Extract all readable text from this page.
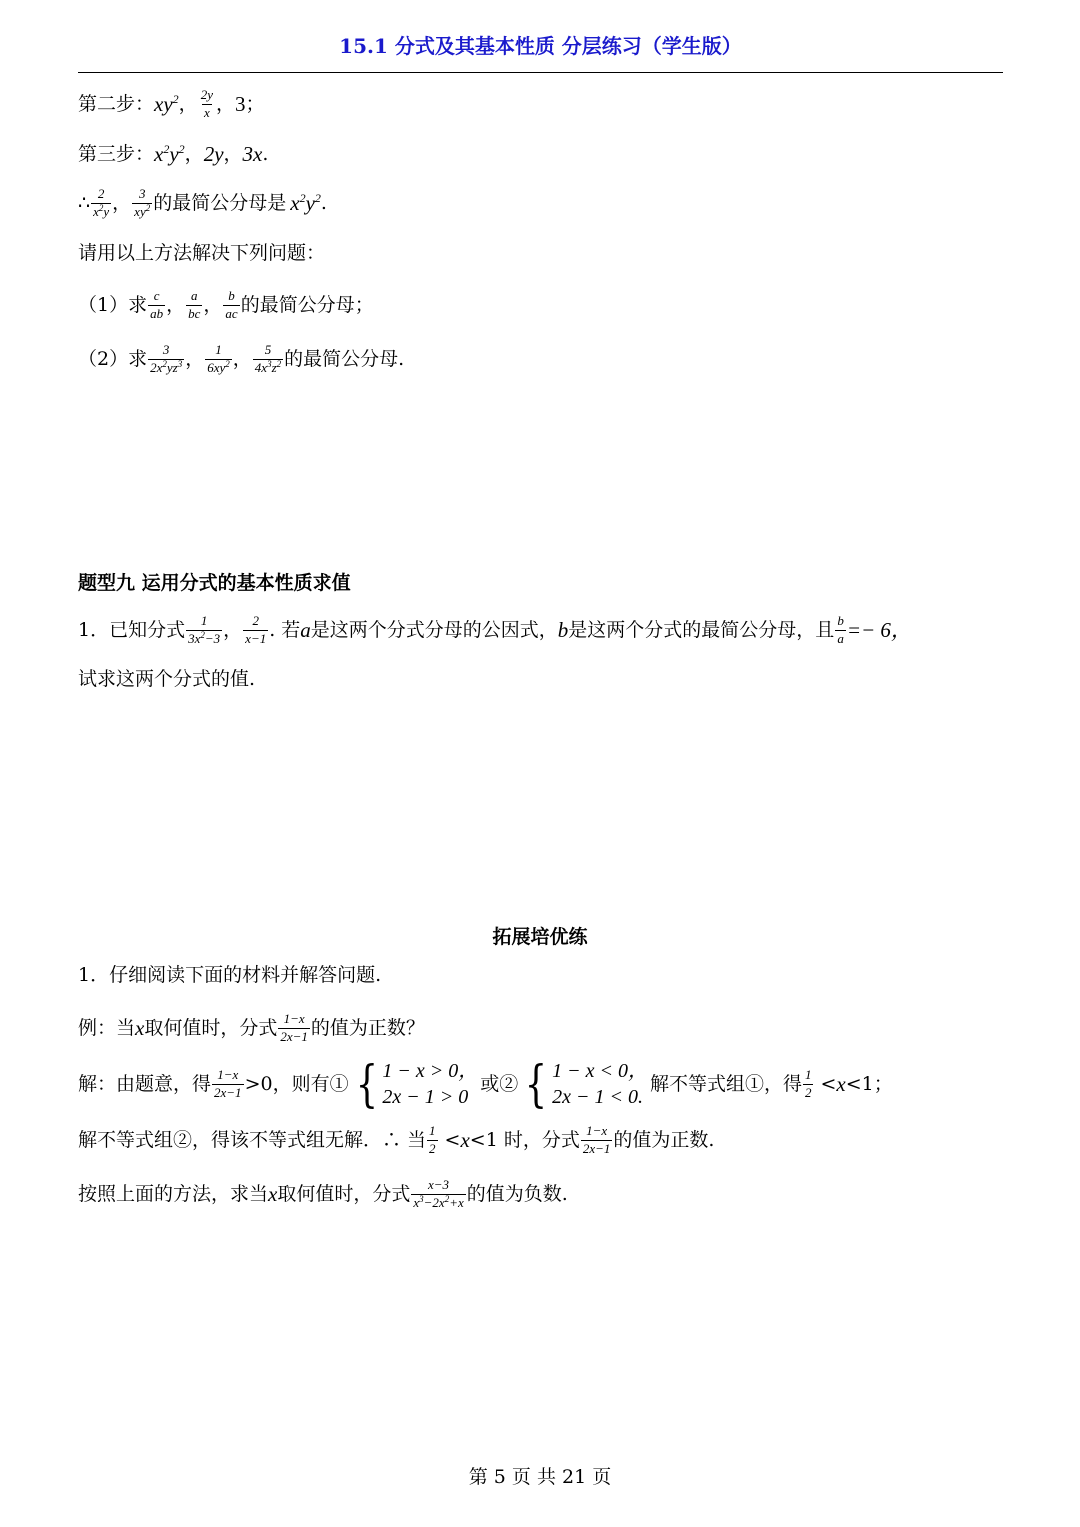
15.1 分式及其基本性质 分层练习（学生版）
第二步： $xy^2$ ， $\frac{2y}{x}$ ， 3 ；
第三步： $x^2y^2$ ， 2y ， 3x .
∴ $\frac{2}{x^2y}$ ， $\frac{3}{xy^2}$ 的最简公分母是 $x^2y^2$ .
请用以上方法解决下列问题：
（1）求 $\frac{c}{ab}$ ， $\frac{a}{bc}$ ， $\frac{b}{ac}$ 的最简公分母；
（2）求 $\frac{3}{2x^2yz^3}$ ， $\frac{1}{6xy^2}$ ， $\frac{5}{4x^3z^2}$ 的最简公分母.
题型九 运用分式的基本性质求值
1．已知分式 $\frac{1}{3x^2-3}$ ， $\frac{2}{x-1}$ . 若 a 是这两个分式分母的公因式， b 是这两个分式的最简公分母，且 $\frac{b}{a} =- 6$，
试求这两个分式的值.
拓展培优练
1．仔细阅读下面的材料并解答问题.
例：当 x 取何值时，分式 $\frac{1-x}{2x-1}$ 的值为正数？
解：由题意，得 $\frac{1-x}{2x-1} >0$，则有① { 1 − x > 0，
2x − 1 > 0
或② { 1 − x < 0，
2x − 1 < 0.
解不等式组①，得 $\frac{1}{2} < x <1$；
解不等式组②，得该不等式组无解．∴ 当 $\frac{1}{2} < x <1$ 时，分式 $\frac{1-x}{2x-1}$ 的值为正数.
按照上面的方法，求当 x 取何值时，分式 $\frac{x-3}{x^3-2x^2+x}$ 的值为负数.
第 5 页 共 21 页
